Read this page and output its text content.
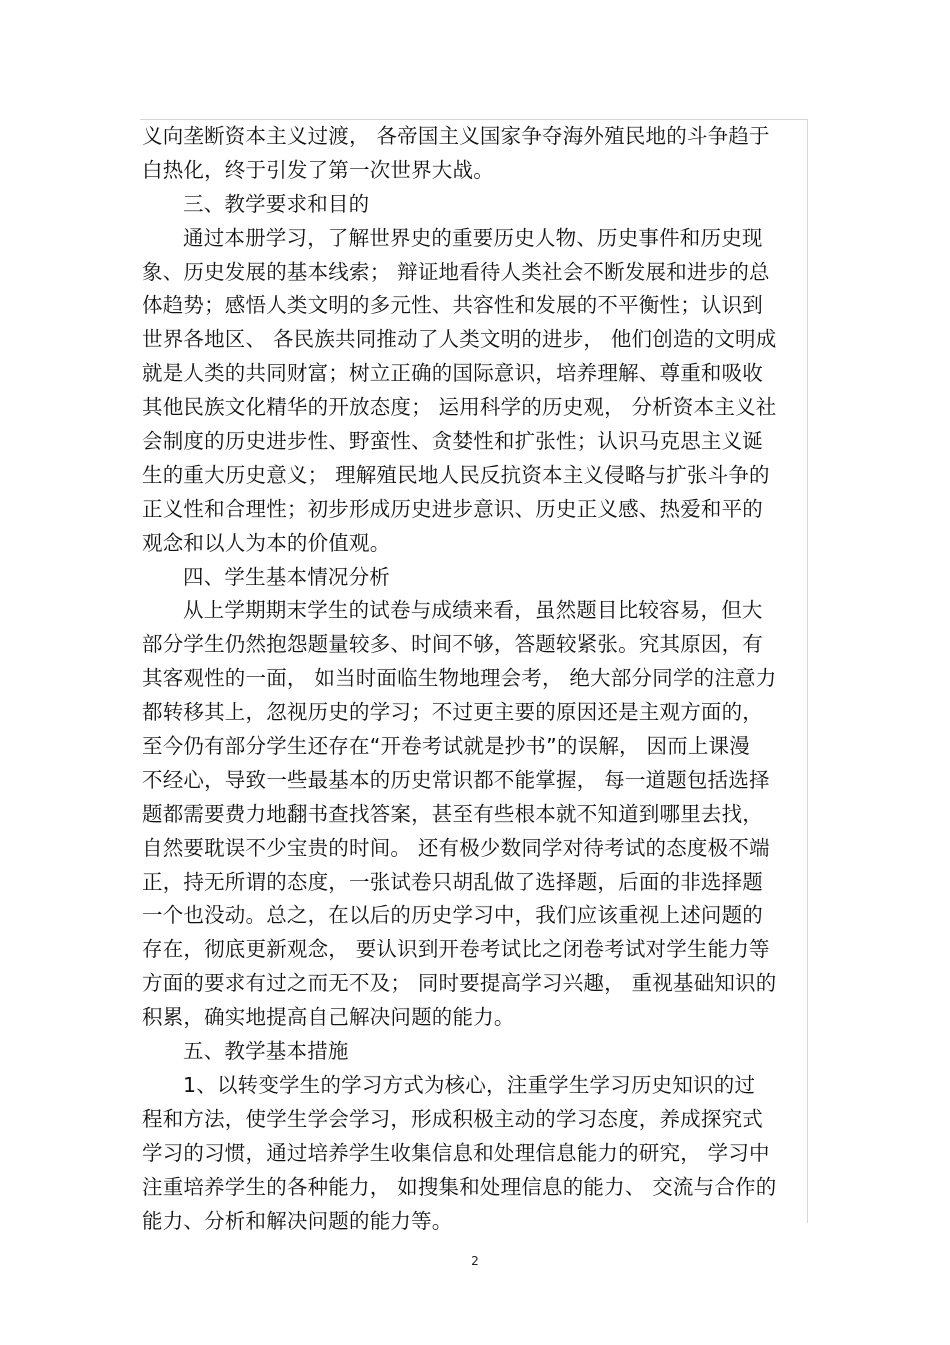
义向垄断资本主义过渡， 各帝国主义国家争夺海外殖民地的斗争趋于
白热化，终于引发了第一次世界大战。
三、教学要求和目的
通过本册学习，了解世界史的重要历史人物、历史事件和历史现
象、历史发展的基本线索； 辩证地看待人类社会不断发展和进步的总
体趋势；感悟人类文明的多元性、共容性和发展的不平衡性；认识到
世界各地区、 各民族共同推动了人类文明的进步， 他们创造的文明成
就是人类的共同财富；树立正确的国际意识，培养理解、尊重和吸收
其他民族文化精华的开放态度； 运用科学的历史观， 分析资本主义社
会制度的历史进步性、野蛮性、贪婪性和扩张性；认识马克思主义诞
生的重大历史意义； 理解殖民地人民反抗资本主义侵略与扩张斗争的
正义性和合理性；初步形成历史进步意识、历史正义感、热爱和平的
观念和以人为本的价值观。
四、学生基本情况分析
从上学期期末学生的试卷与成绩来看，虽然题目比较容易，但大
部分学生仍然抱怨题量较多、时间不够，答题较紧张。究其原因，有
其客观性的一面， 如当时面临生物地理会考， 绝大部分同学的注意力
都转移其上，忽视历史的学习；不过更主要的原因还是主观方面的，
至今仍有部分学生还存在“开卷考试就是抄书”的误解， 因而上课漫
不经心，导致一些最基本的历史常识都不能掌握， 每一道题包括选择
题都需要费力地翻书查找答案，甚至有些根本就不知道到哪里去找，
自然要耽误不少宝贵的时间。 还有极少数同学对待考试的态度极不端
正，持无所谓的态度，一张试卷只胡乱做了选择题，后面的非选择题
一个也没动。总之，在以后的历史学习中，我们应该重视上述问题的
存在，彻底更新观念， 要认识到开卷考试比之闭卷考试对学生能力等
方面的要求有过之而无不及； 同时要提高学习兴趣， 重视基础知识的
积累，确实地提高自己解决问题的能力。
五、教学基本措施
1、以转变学生的学习方式为核心，注重学生学习历史知识的过
程和方法，使学生学会学习，形成积极主动的学习态度，养成探究式
学习的习惯，通过培养学生收集信息和处理信息能力的研究， 学习中
注重培养学生的各种能力， 如搜集和处理信息的能力、 交流与合作的
能力、分析和解决问题的能力等。
2
